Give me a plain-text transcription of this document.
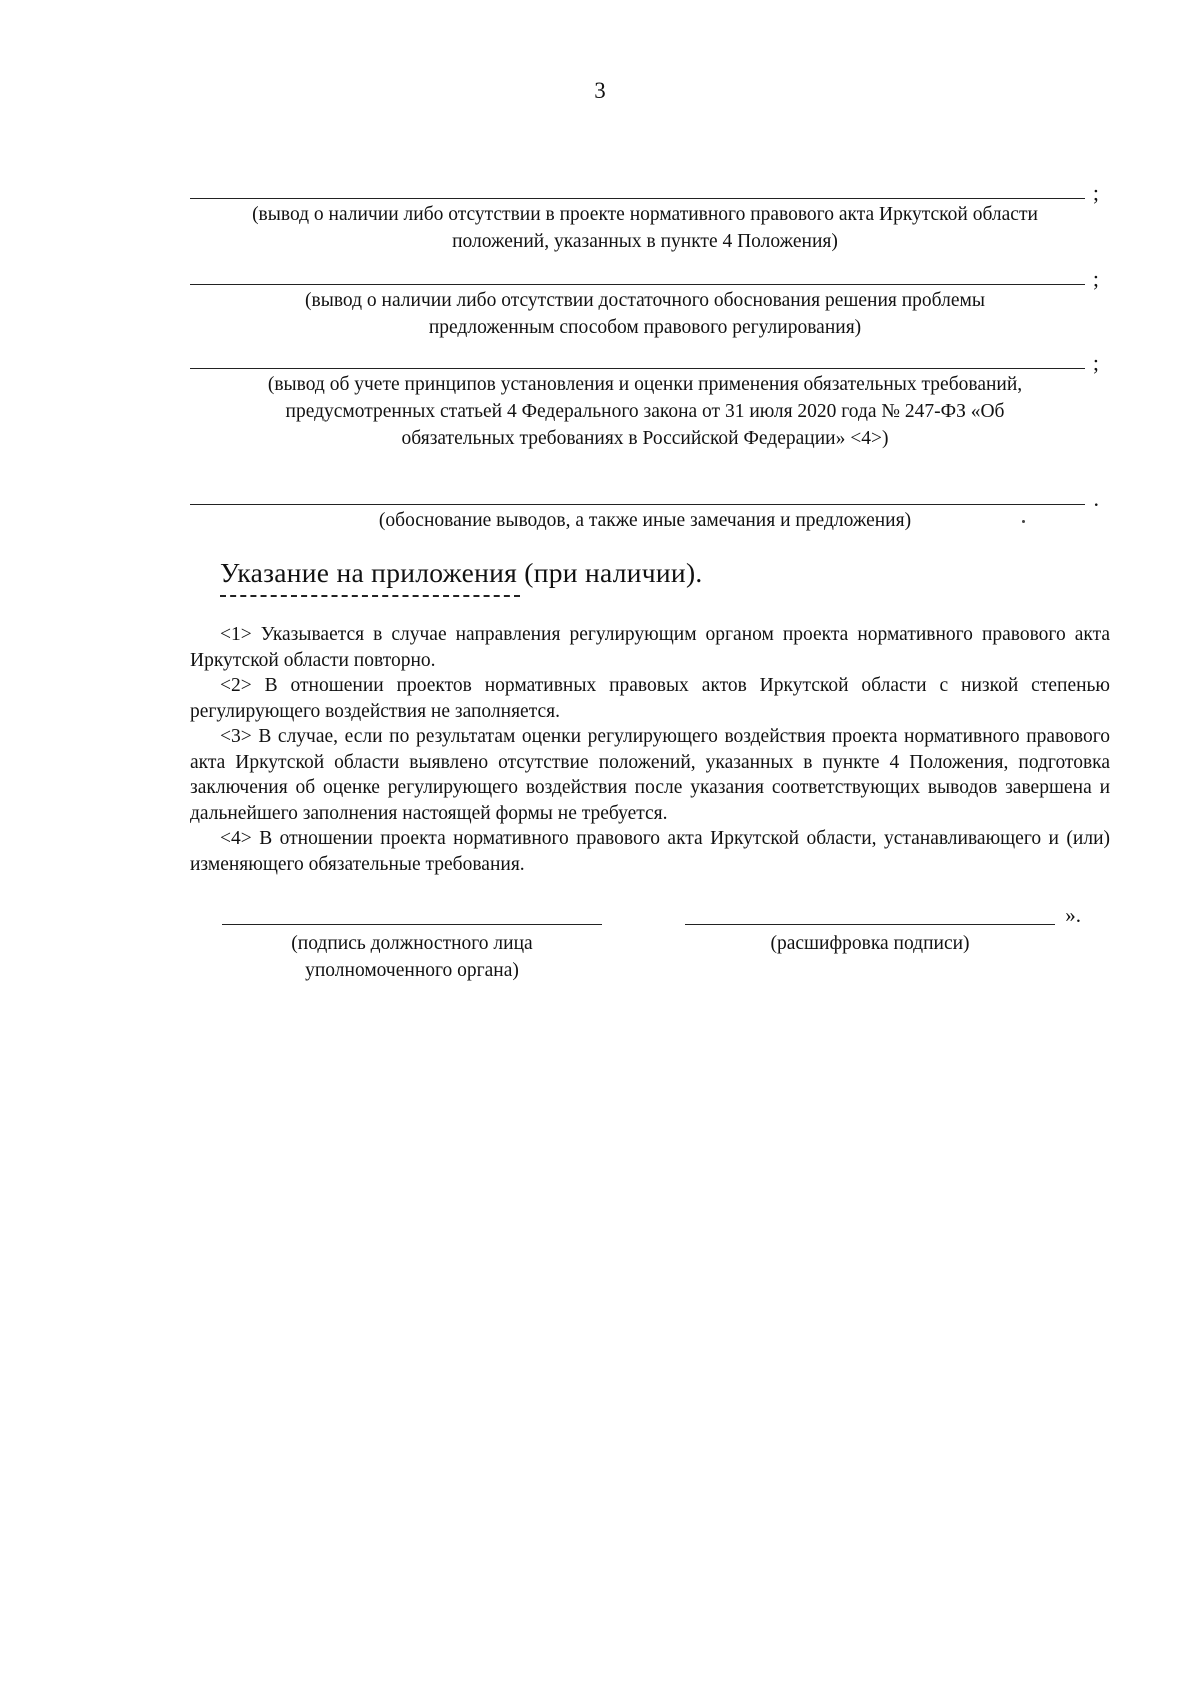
3
;
(вывод о наличии либо отсутствии в проекте нормативного правового акта Иркутской области
положений, указанных в пункте 4 Положения)
;
(вывод о наличии либо отсутствии достаточного обоснования решения проблемы
предложенным способом правового регулирования)
;
(вывод об учете принципов установления и оценки применения обязательных требований,
предусмотренных статьей 4 Федерального закона от 31 июля 2020 года № 247-ФЗ «Об
обязательных требованиях в Российской Федерации» <4>)
.
(обоснование выводов, а также иные замечания и предложения)
Указание на приложения (при наличии).

<1> Указывается в случае направления регулирующим органом проекта нормативного правового акта Иркутской области повторно.

<2> В отношении проектов нормативных правовых актов Иркутской области с низкой степенью регулирующего воздействия не заполняется.

<3> В случае, если по результатам оценки регулирующего воздействия проекта нормативного правового акта Иркутской области выявлено отсутствие положений, указанных в пункте 4 Положения, подготовка заключения об оценке регулирующего воздействия после указания соответствующих выводов завершена и дальнейшего заполнения настоящей формы не требуется.

<4> В отношении проекта нормативного правового акта Иркутской области, устанавливающего и (или) изменяющего обязательные требования.

(подпись должностного лица
уполномоченного органа)
».
(расшифровка подписи)
